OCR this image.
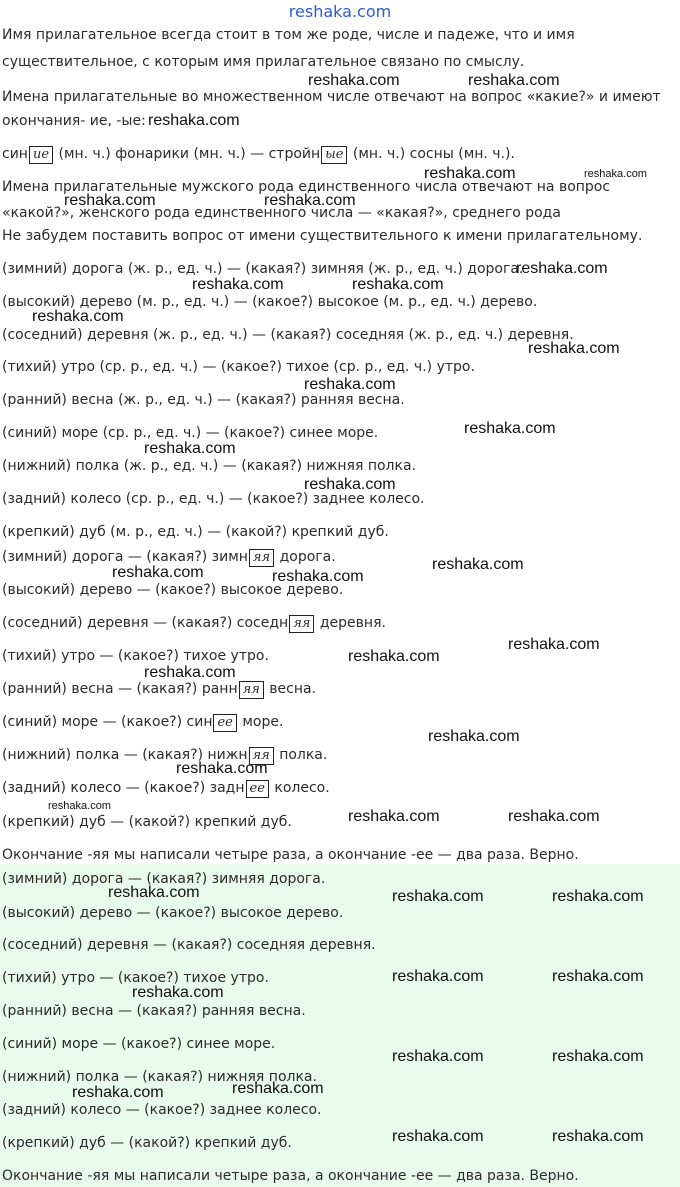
reshaka.com
Имя прилагательное всегда стоит в том же роде, числе и падеже, что и имя
существительное, с которым имя прилагательное связано по смыслу.
Имена прилагательные во множественном числе отвечают на вопрос «какие?» и имеют
окончания- ие, -ые:
син ие (мн. ч.) фонарики (мн. ч.) — стройн ые (мн. ч.) сосны (мн. ч.).
Имена прилагательные мужского рода единственного числа отвечают на вопрос
«какой?», женского рода единственного числа — «какая?», среднего рода
Не забудем поставить вопрос от имени существительного к имени прилагательному.
(зимний) дорога (ж. р., ед. ч.) — (какая?) зимняя (ж. р., ед. ч.) дорога.
(высокий) дерево (м. р., ед. ч.) — (какое?) высокое (м. р., ед. ч.) дерево.
(соседний) деревня (ж. р., ед. ч.) — (какая?) соседняя (ж. р., ед. ч.) деревня.
(тихий) утро (ср. р., ед. ч.) — (какое?) тихое (ср. р., ед. ч.) утро.
(ранний) весна (ж. р., ед. ч.) — (какая?) ранняя весна.
(синий) море (ср. р., ед. ч.) — (какое?) синее море.
(нижний) полка (ж. р., ед. ч.) — (какая?) нижняя полка.
(задний) колесо (ср. р., ед. ч.) — (какое?) заднее колесо.
(крепкий) дуб (м. р., ед. ч.) — (какой?) крепкий дуб.
(зимний) дорога — (какая?) зимн яя дорога.
(высокий) дерево — (какое?) высокое дерево.
(соседний) деревня — (какая?) соседн яя деревня.
(тихий) утро — (какое?) тихое утро.
(ранний) весна — (какая?) ранн яя весна.
(синий) море — (какое?) син ее море.
(нижний) полка — (какая?) нижн яя полка.
(задний) колесо — (какое?) задн ее колесо.
(крепкий) дуб — (какой?) крепкий дуб.
Окончание -яя мы написали четыре раза, а окончание -ее — два раза. Верно.
(зимний) дорога — (какая?) зимняя дорога.
(высокий) дерево — (какое?) высокое дерево.
(соседний) деревня — (какая?) соседняя деревня.
(тихий) утро — (какое?) тихое утро.
(ранний) весна — (какая?) ранняя весна.
(синий) море — (какое?) синее море.
(нижний) полка — (какая?) нижняя полка.
(задний) колесо — (какое?) заднее колесо.
(крепкий) дуб — (какой?) крепкий дуб.
Окончание -яя мы написали четыре раза, а окончание -ее — два раза. Верно.
reshaka.com	reshaka.com
reshaka.com
reshaka.com	reshaka.com
reshaka.com	reshaka.com
reshaka.com
reshaka.com	reshaka.com
reshaka.com
reshaka.com
reshaka.com
reshaka.com
reshaka.com
reshaka.com
reshaka.com
reshaka.com	reshaka.com
reshaka.com
reshaka.com
reshaka.com
reshaka.com
reshaka.com
reshaka.com
reshaka.com	reshaka.com
reshaka.com	reshaka.com	reshaka.com
reshaka.com	reshaka.com
reshaka.com
reshaka.com	reshaka.com
reshaka.com
reshaka.com
reshaka.com	reshaka.com
